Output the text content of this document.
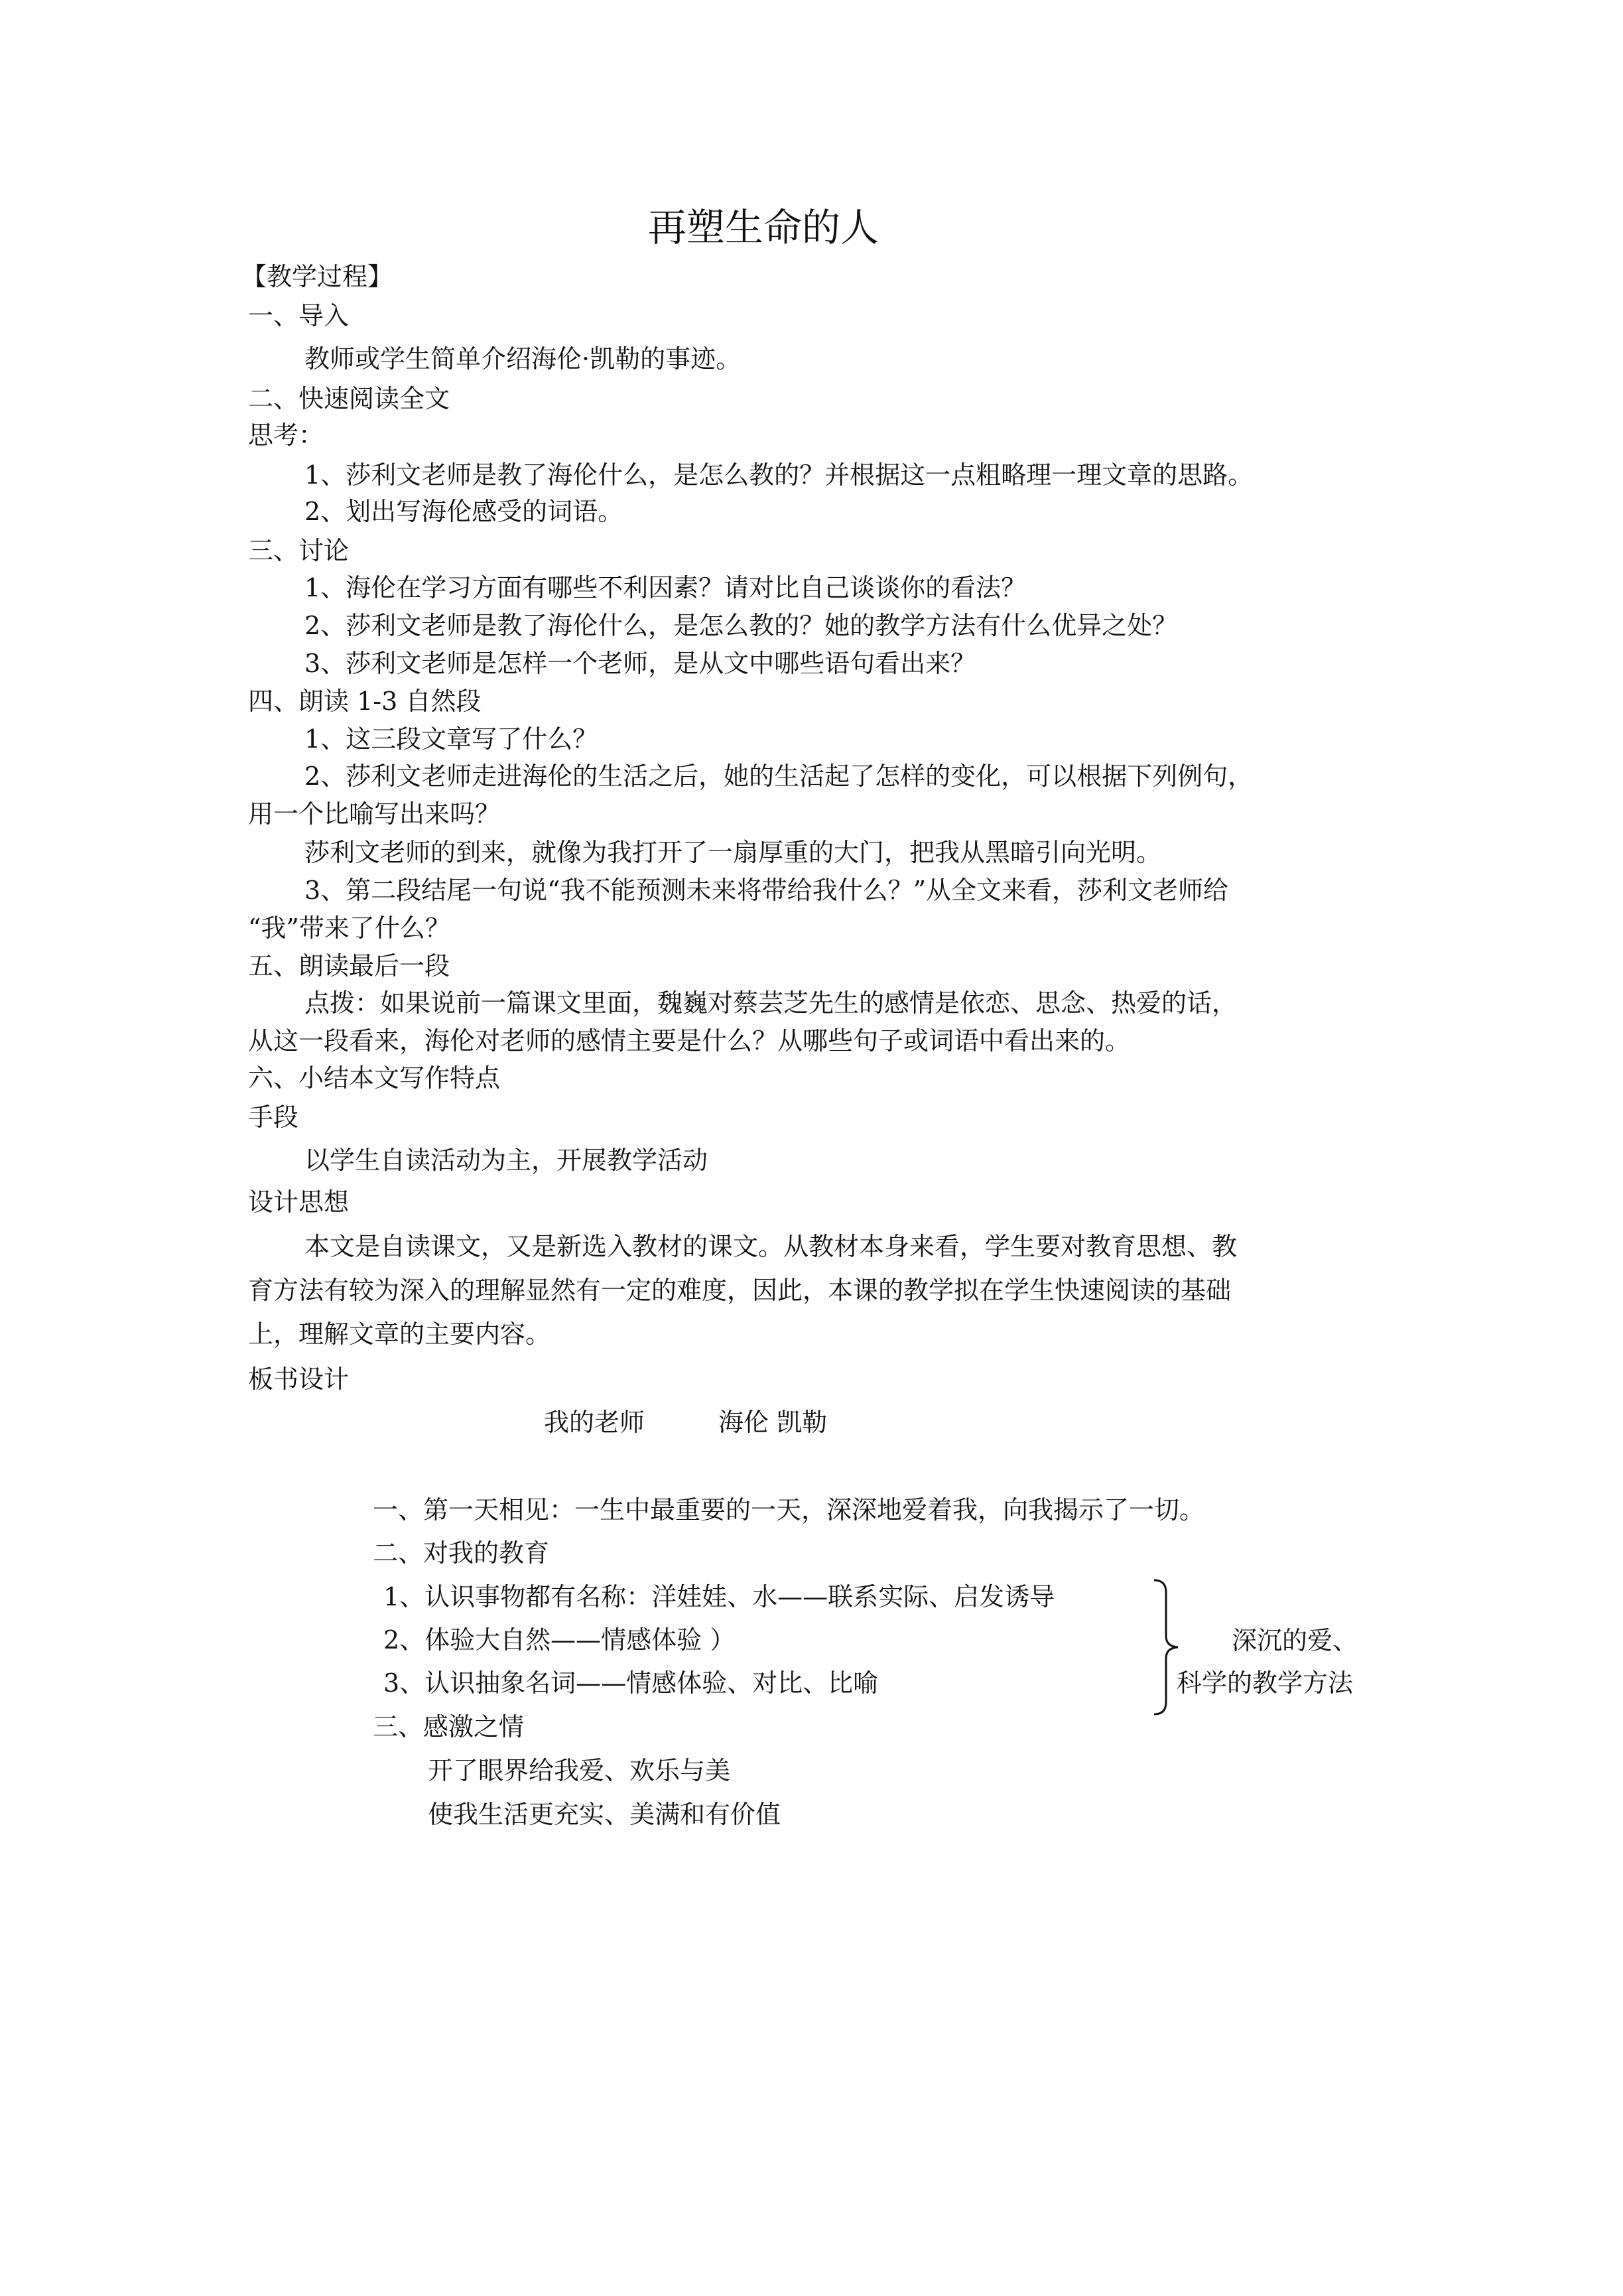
再塑生命的人
【教学过程】
一、导入
教师或学生简单介绍海伦·凯勒的事迹。
二、快速阅读全文
思考：
1、莎利文老师是教了海伦什么，是怎么教的？并根据这一点粗略理一理文章的思路。
2、划出写海伦感受的词语。
三、讨论
1、海伦在学习方面有哪些不利因素？请对比自己谈谈你的看法？
2、莎利文老师是教了海伦什么，是怎么教的？她的教学方法有什么优异之处？
3、莎利文老师是怎样一个老师，是从文中哪些语句看出来？
四、朗读 1-3 自然段
1、这三段文章写了什么？
2、莎利文老师走进海伦的生活之后，她的生活起了怎样的变化，可以根据下列例句，
用一个比喻写出来吗？
莎利文老师的到来，就像为我打开了一扇厚重的大门，把我从黑暗引向光明。
3、第二段结尾一句说“我不能预测未来将带给我什么？”从全文来看，莎利文老师给
“我”带来了什么？
五、朗读最后一段
点拨：如果说前一篇课文里面，魏巍对蔡芸芝先生的感情是依恋、思念、热爱的话，
从这一段看来，海伦对老师的感情主要是什么？从哪些句子或词语中看出来的。
六、小结本文写作特点
手段
以学生自读活动为主，开展教学活动
设计思想
本文是自读课文，又是新选入教材的课文。从教材本身来看，学生要对教育思想、教
育方法有较为深入的理解显然有一定的难度，因此，本课的教学拟在学生快速阅读的基础
上，理解文章的主要内容。
板书设计
我的老师	海伦 凯勒
一、第一天相见：一生中最重要的一天，深深地爱着我，向我揭示了一切。
二、对我的教育
1、认识事物都有名称：洋娃娃、水——联系实际、启发诱导
2、体验大自然——情感体验 ）
3、认识抽象名词——情感体验、对比、比喻
深沉的爱、
科学的教学方法
三、感激之情
开了眼界给我爱、欢乐与美
使我生活更充实、美满和有价值
